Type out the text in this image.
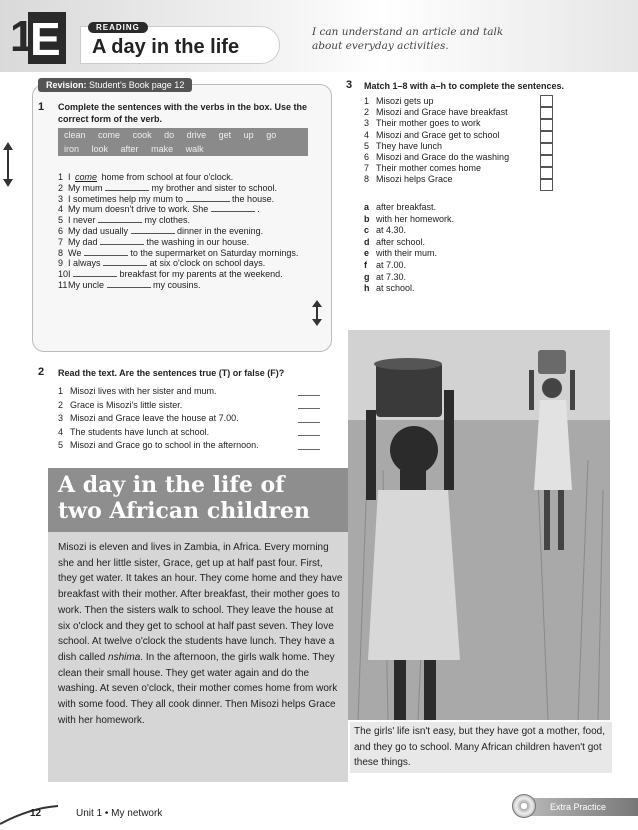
1
E	READING
A day in the life
I can understand an article and talk about everyday activities.
Revision: Student's Book page 12
1 Complete the sentences with the verbs in the box. Use the correct form of the verb.
clean come cook do drive get up go iron look after make walk
1 I come home from school at four o'clock.
2 My mum	my brother and sister to school.
3 I sometimes help my mum to	the house.
4 My mum doesn't drive to work. She	.
5 I never	my clothes.
6 My dad usually	dinner in the evening.
7 My dad	the washing in our house.
8 We	to the supermarket on Saturday mornings.
9 I always	at six o'clock on school days.
10I	breakfast for my parents at the weekend.
11My uncle	my cousins.
2 Read the text. Are the sentences true (T) or false (F)?
1 Misozi lives with her sister and mum.
2 Grace is Misozi's little sister.
3 Misozi and Grace leave the house at 7.00.
4 The students have lunch at school.
5 Misozi and Grace go to school in the afternoon.
3 Match 1–8 with a–h to complete the sentences.
1 Misozi gets up
2 Misozi and Grace have breakfast
3 Their mother goes to work
4 Misozi and Grace get to school
5 They have lunch
6 Misozi and Grace do the washing
7 Their mother comes home
8 Misozi helps Grace
a after breakfast.
b with her homework.
c at 4.30.
d after school.
e with their mum.
f at 7.00.
g at 7.30.
h at school.
A day in the life of
two African children
Misozi is eleven and lives in Zambia, in Africa. Every morning she and her little sister, Grace, get up at half past four. First, they get water. It takes an hour. They come home and they have breakfast with their mother. After breakfast, their mother goes to work. Then the sisters walk to school. They leave the house at six o'clock and they get to school at half past seven. They love school. At twelve o'clock the students have lunch. They have a dish called nshima. In the afternoon, the girls walk home. They clean their small house. They get water again and do the washing. At seven o'clock, their mother comes home from work with some food. They all cook dinner. Then Misozi helps Grace with her homework.
The girls' life isn't easy, but they have got a mother, food, and they go to school. Many African children haven't got these things.
12	Unit 1 • My network
Extra Practice
